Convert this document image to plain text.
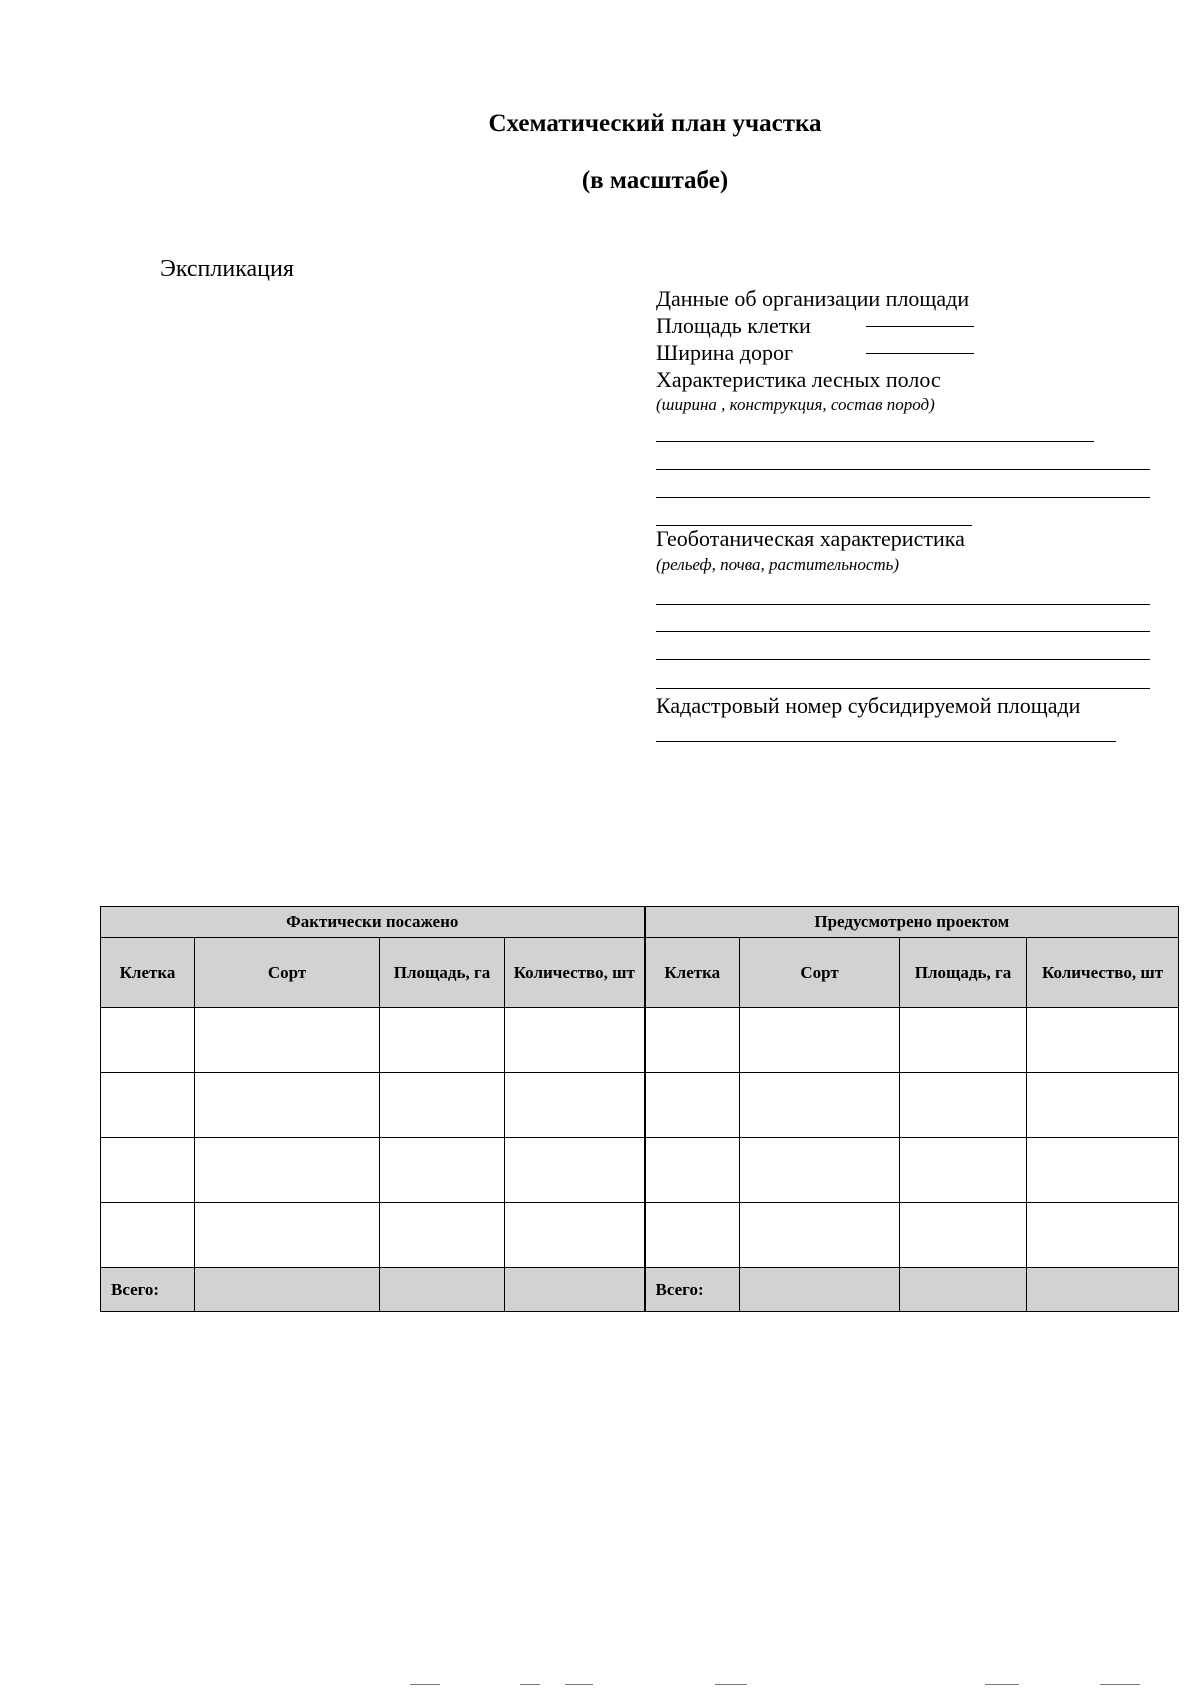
Схематический план участка
(в масштабе)
Экспликация
Данные об организации площади
Площадь клетки
Ширина дорог
Характеристика лесных полос
(ширина , конструкция, состав пород)
Геоботаническая характеристика
(рельеф, почва, растительность)
Кадастровый номер субсидируемой площади
Фактически посажено				Предусмотрено проектом			
Клетка	Сорт	Площадь, га	Количество, шт	Клетка	Сорт	Площадь, га	Количество, шт

Всего:				Всего:			
